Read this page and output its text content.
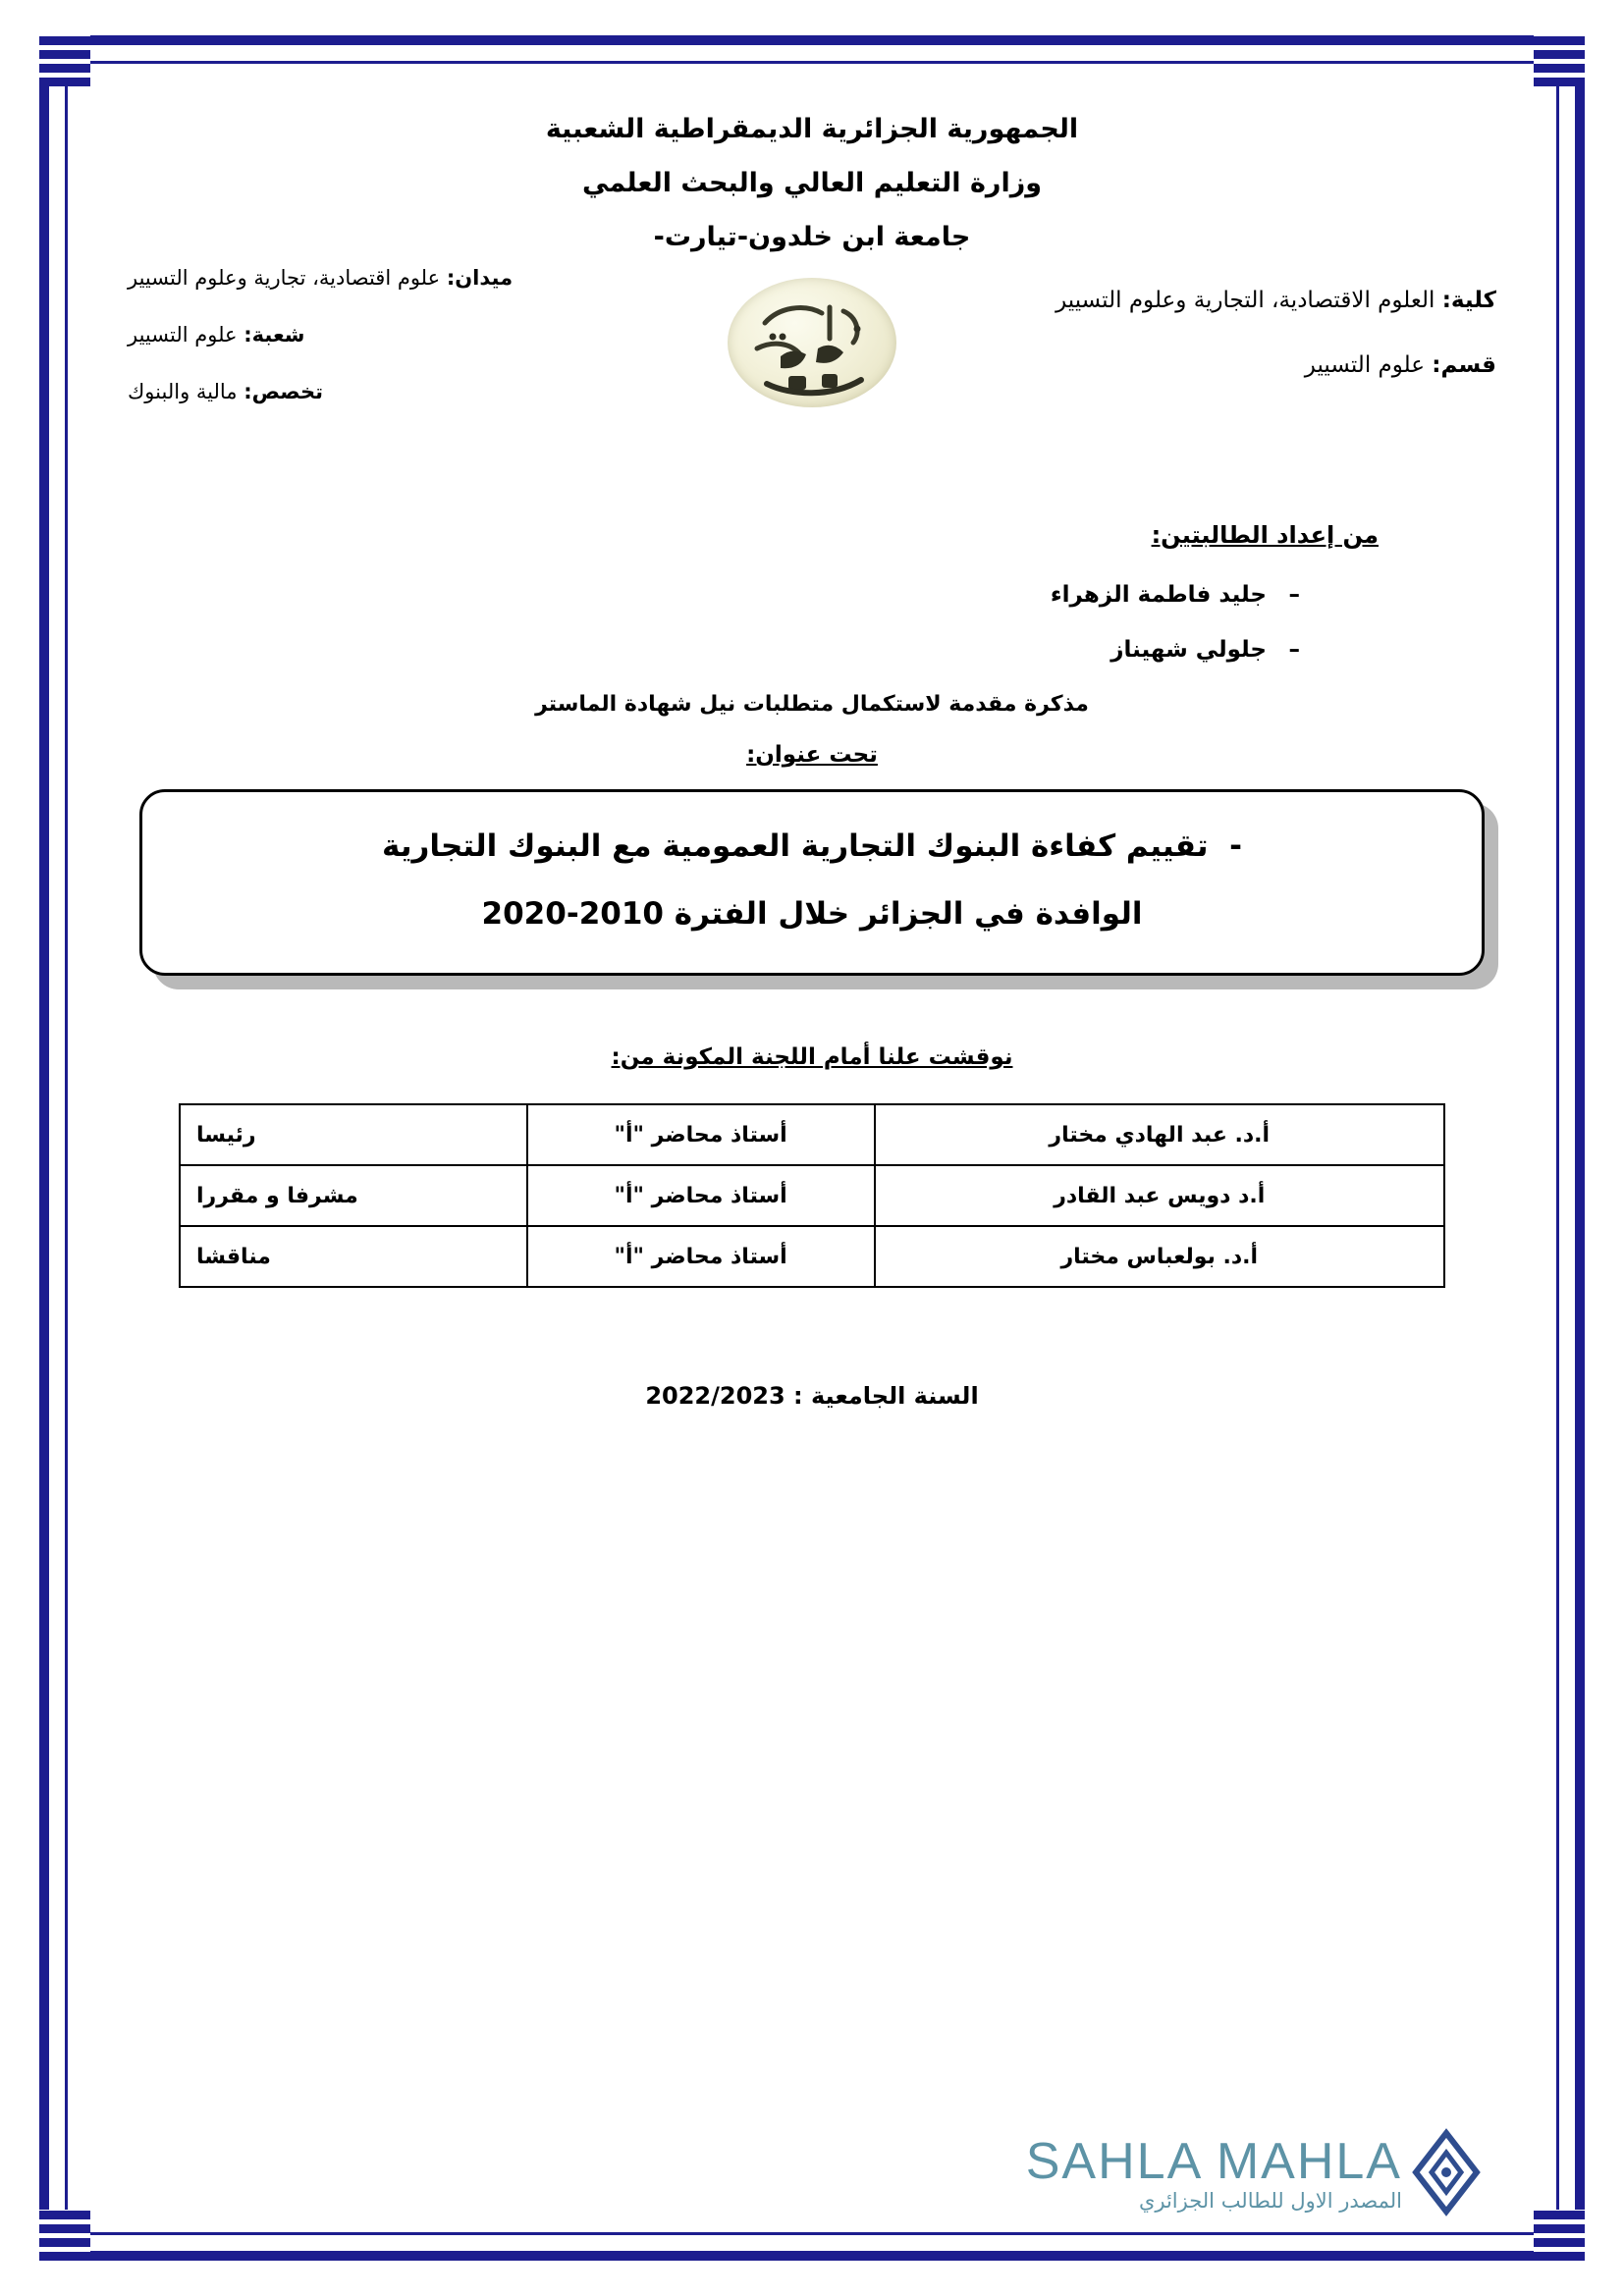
الجمهورية الجزائرية الديمقراطية الشعبية
وزارة التعليم العالي والبحث العلمي
جامعة ابن خلدون-تيارت-
كلية: العلوم الاقتصادية، التجارية وعلوم التسيير
قسم: علوم التسيير
ميدان: علوم اقتصادية، تجارية وعلوم التسيير
شعبة: علوم التسيير
تخصص: مالية والبنوك
من إعداد الطالبتين:
–جليد فاطمة الزهراء
–جلولي شهيناز
مذكرة مقدمة لاستكمال متطلبات نيل شهادة الماستر
تحت عنوان:
-  تقييم كفاءة البنوك التجارية العمومية مع البنوك التجارية
الوافدة في الجزائر خلال الفترة 2010-2020
نوقشت علنا أمام اللجنة المكونة من:
أ.د. عبد الهادي مختار	أستاذ محاضر "أ"	رئيسا
أ.د دويس عبد القادر	أستاذ محاضر "أ"	مشرفا و مقررا
أ.د. بولعباس مختار	أستاذ محاضر "أ"	مناقشا
السنة الجامعية : 2022/2023
SAHLA MAHLA
المصدر الاول للطالب الجزائري
